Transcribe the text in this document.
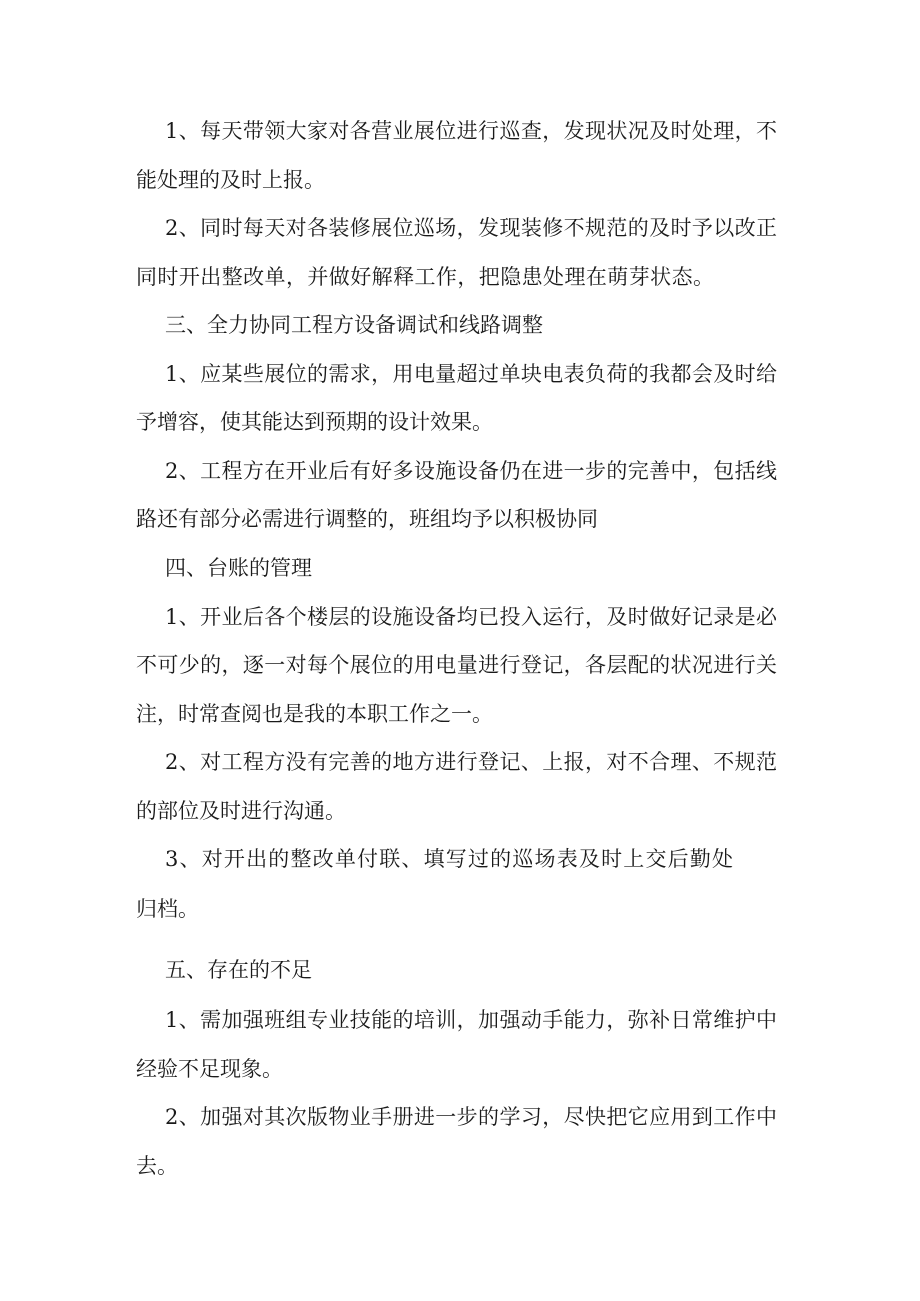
1、每天带领大家对各营业展位进行巡查，发现状况及时处理，不
能处理的及时上报。
2、同时每天对各装修展位巡场，发现装修不规范的及时予以改正
同时开出整改单，并做好解释工作，把隐患处理在萌芽状态。
三、全力协同工程方设备调试和线路调整
1、应某些展位的需求，用电量超过单块电表负荷的我都会及时给
予增容，使其能达到预期的设计效果。
2、工程方在开业后有好多设施设备仍在进一步的完善中，包括线
路还有部分必需进行调整的，班组均予以积极协同
四、台账的管理
1、开业后各个楼层的设施设备均已投入运行，及时做好记录是必
不可少的，逐一对每个展位的用电量进行登记，各层配的状况进行关
注，时常查阅也是我的本职工作之一。
2、对工程方没有完善的地方进行登记、上报，对不合理、不规范
的部位及时进行沟通。
3、对开出的整改单付联、填写过的巡场表及时上交后勤处
归档。
五、存在的不足
1、需加强班组专业技能的培训，加强动手能力，弥补日常维护中
经验不足现象。
2、加强对其次版物业手册进一步的学习，尽快把它应用到工作中
去。
